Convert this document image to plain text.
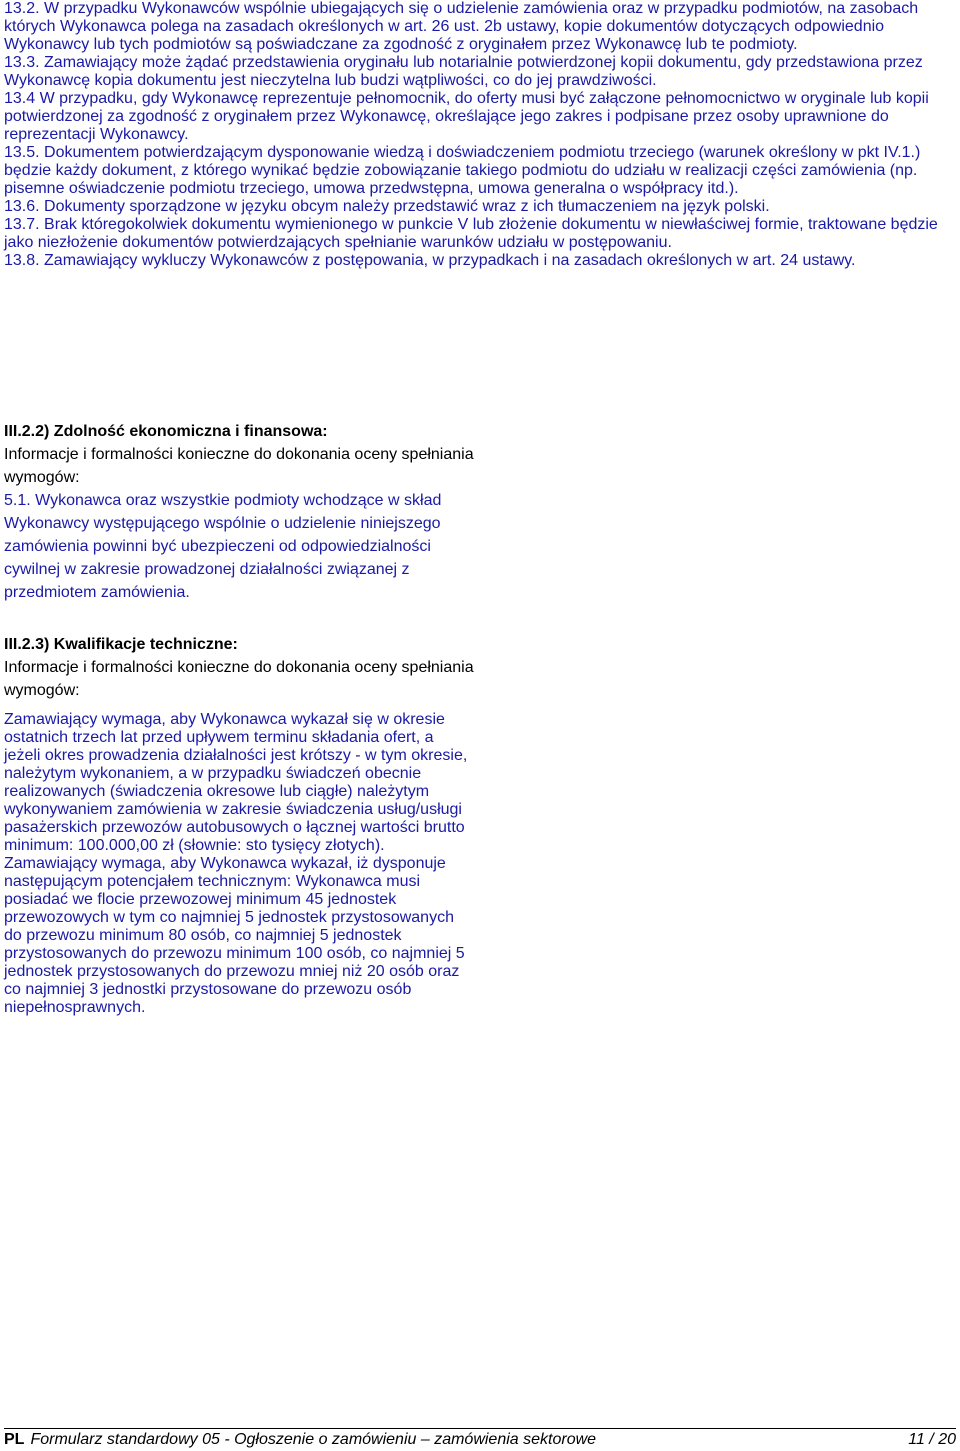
13.2. W przypadku Wykonawców wspólnie ubiegających się o udzielenie zamówienia oraz w przypadku podmiotów, na zasobach których Wykonawca polega na zasadach określonych w art. 26 ust. 2b ustawy, kopie dokumentów dotyczących odpowiednio Wykonawcy lub tych podmiotów są poświadczane za zgodność z oryginałem przez Wykonawcę lub te podmioty.

13.3. Zamawiający może żądać przedstawienia oryginału lub notarialnie potwierdzonej kopii dokumentu, gdy przedstawiona przez Wykonawcę kopia dokumentu jest nieczytelna lub budzi wątpliwości, co do jej prawdziwości.

13.4 W przypadku, gdy Wykonawcę reprezentuje pełnomocnik, do oferty musi być załączone pełnomocnictwo w oryginale lub kopii potwierdzonej za zgodność z oryginałem przez Wykonawcę, określające jego zakres i podpisane przez osoby uprawnione do reprezentacji Wykonawcy.

13.5. Dokumentem potwierdzającym dysponowanie wiedzą i doświadczeniem podmiotu trzeciego (warunek określony w pkt IV.1.) będzie każdy dokument, z którego wynikać będzie zobowiązanie takiego podmiotu do udziału w realizacji części zamówienia (np. pisemne oświadczenie podmiotu trzeciego, umowa przedwstępna, umowa generalna o współpracy itd.).

13.6. Dokumenty sporządzone w języku obcym należy przedstawić wraz z ich tłumaczeniem na język polski.

13.7. Brak któregokolwiek dokumentu wymienionego w punkcie V lub złożenie dokumentu w niewłaściwej formie, traktowane będzie jako niezłożenie dokumentów potwierdzających spełnianie warunków udziału w postępowaniu.

13.8. Zamawiający wykluczy Wykonawców z postępowania, w przypadkach i na zasadach określonych w art. 24 ustawy.

III.2.2) Zdolność ekonomiczna i finansowa:
Informacje i formalności konieczne do dokonania oceny spełniania wymogów:
5.1. Wykonawca oraz wszystkie podmioty wchodzące w skład Wykonawcy występującego wspólnie o udzielenie niniejszego zamówienia powinni być ubezpieczeni od odpowiedzialności cywilnej w zakresie prowadzonej działalności związanej z przedmiotem zamówienia.
III.2.3) Kwalifikacje techniczne:
Informacje i formalności konieczne do dokonania oceny spełniania wymogów:
Zamawiający wymaga, aby Wykonawca wykazał się w okresie ostatnich trzech lat przed upływem terminu składania ofert, a jeżeli okres prowadzenia działalności jest krótszy - w tym okresie, należytym wykonaniem, a w przypadku świadczeń obecnie realizowanych (świadczenia okresowe lub ciągłe) należytym wykonywaniem zamówienia w zakresie świadczenia usług/usługi pasażerskich przewozów autobusowych o łącznej wartości brutto minimum: 100.000,00 zł (słownie: sto tysięcy złotych). Zamawiający wymaga, aby Wykonawca wykazał, iż dysponuje następującym potencjałem technicznym: Wykonawca musi posiadać we flocie przewozowej minimum 45 jednostek przewozowych w tym co najmniej 5 jednostek przystosowanych do przewozu minimum 80 osób, co najmniej 5 jednostek przystosowanych do przewozu minimum 100 osób, co najmniej 5 jednostek przystosowanych do przewozu mniej niż 20 osób oraz co najmniej 3 jednostki przystosowane do przewozu osób niepełnosprawnych.
PL Formularz standardowy 05 - Ogłoszenie o zamówieniu – zamówienia sektorowe	11 / 20
